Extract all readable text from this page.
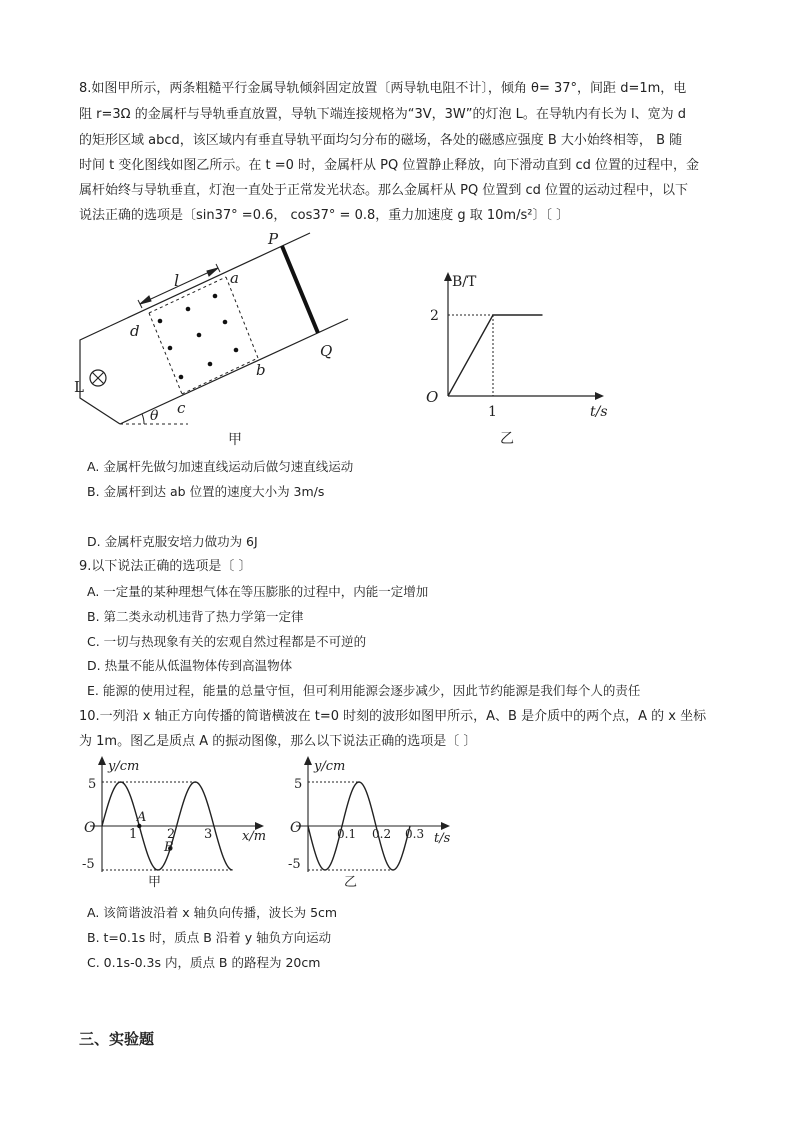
8.如图甲所示，两条粗糙平行金属导轨倾斜固定放置〔两导轨电阻不计〕，倾角 θ= 37°，间距 d=1m，电
阻 r=3Ω 的金属杆与导轨垂直放置，导轨下端连接规格为“3V，3W”的灯泡 L。在导轨内有长为 l、宽为 d
的矩形区域 abcd，该区域内有垂直导轨平面均匀分布的磁场，各处的磁感应强度 B 大小始终相等， B 随
时间 t 变化图线如图乙所示。在 t =0 时，金属杆从 PQ 位置静止释放，向下滑动直到 cd 位置的过程中，金
属杆始终与导轨垂直，灯泡一直处于正常发光状态。那么金属杆从 PQ 位置到 cd 位置的运动过程中，以下
说法正确的选项是〔sin37° =0.6， cos37° = 0.8，重力加速度 g 取 10m/s²〕〔 〕
P
Q
l	a
b
c
d
L
θ
甲
B/T
t/s
O
2
1
乙
A. 金属杆先做匀加速直线运动后做匀速直线运动
B. 金属杆到达 ab 位置的速度大小为 3m/s
D. 金属杆克服安培力做功为 6J
9.以下说法正确的选项是〔 〕
A. 一定量的某种理想气体在等压膨胀的过程中，内能一定增加
B. 第二类永动机违背了热力学第一定律
C. 一切与热现象有关的宏观自然过程都是不可逆的
D. 热量不能从低温物体传到高温物体
E. 能源的使用过程，能量的总量守恒，但可利用能源会逐步减少，因此节约能源是我们每个人的责任
10.一列沿 x 轴正方向传播的简谐横波在 t=0 时刻的波形如图甲所示，A、B 是介质中的两个点，A 的 x 坐标
为 1m。图乙是质点 A 的振动图像，那么以下说法正确的选项是〔 〕
y/cm
x/m
O
5
-5
1 2 3
A
B
甲
y/cm
t/s
O
5
-5
0.1 0.2 0.3
乙
A. 该简谐波沿着 x 轴负向传播，波长为 5cm
B. t=0.1s 时，质点 B 沿着 y 轴负方向运动
C. 0.1s-0.3s 内，质点 B 的路程为 20cm
三、实验题
